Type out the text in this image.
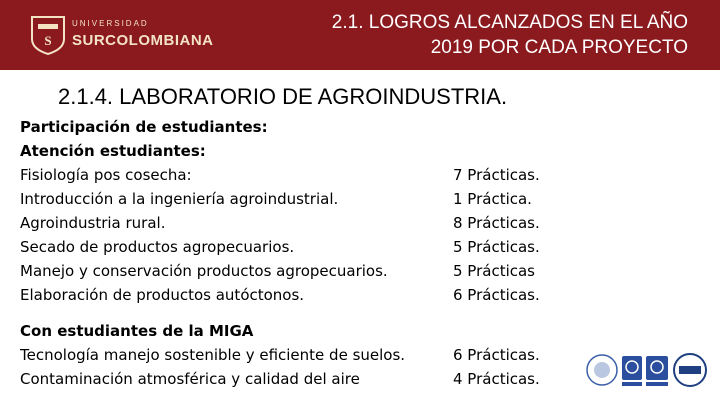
S
UNIVERSIDAD
SURCOLOMBIANA
2.1. LOGROS ALCANZADOS EN EL AÑO
2019 POR CADA PROYECTO
2.1.4. LABORATORIO DE AGROINDUSTRIA.
Participación de estudiantes:
Atención estudiantes:
Fisiología pos cosecha:	7 Prácticas.
Introducción a la ingeniería agroindustrial.	1 Práctica.
Agroindustria rural.	8 Prácticas.
Secado de productos agropecuarios.	5 Prácticas.
Manejo y conservación productos agropecuarios.	5 Prácticas
Elaboración de productos autóctonos.	6 Prácticas.
Con estudiantes de la MIGA
Tecnología manejo sostenible y eficiente de suelos.	6 Prácticas.
Contaminación atmosférica y calidad del aire	4 Prácticas.
